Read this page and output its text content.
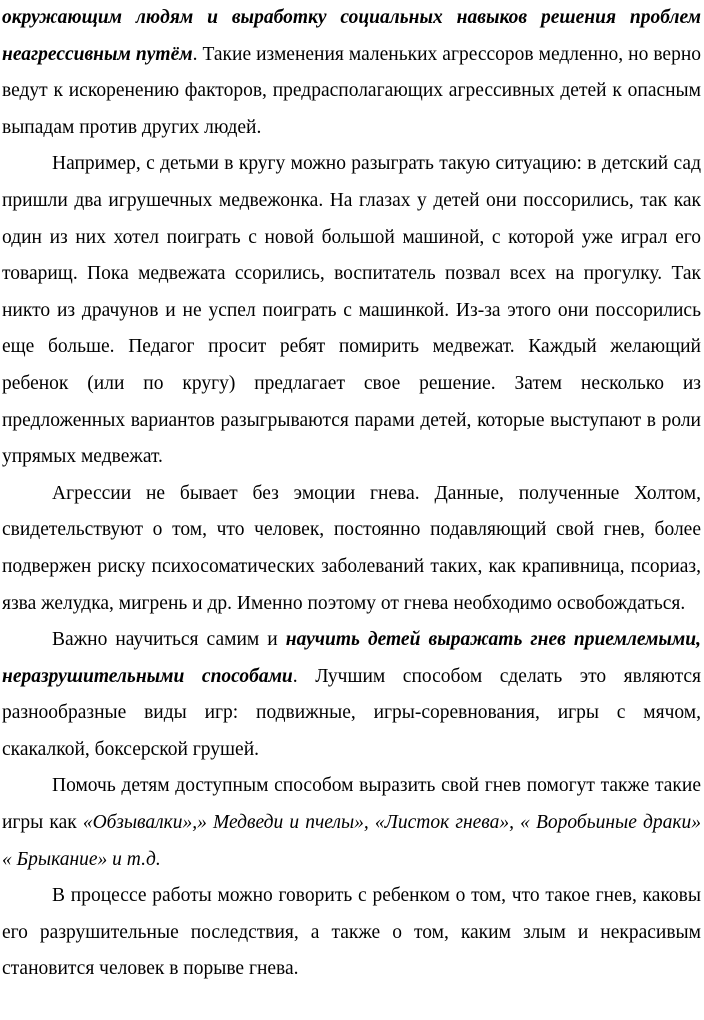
окружающим людям и выработку социальных навыков решения проблем неагрессивным путём. Такие изменения маленьких агрессоров медленно, но верно ведут к искоренению факторов, предрасполагающих агрессивных детей к опасным выпадам против других людей.

Например, с детьми в кругу можно разыграть такую ситуацию: в детский сад пришли два игрушечных медвежонка. На глазах у детей они поссорились, так как один из них хотел поиграть с новой большой машиной, с которой уже играл его товарищ. Пока медвежата ссорились, воспитатель позвал всех на прогулку. Так никто из драчунов и не успел поиграть с машинкой. Из-за этого они поссорились еще больше. Педагог просит ребят помирить медвежат. Каждый желающий ребенок (или по кругу) предлагает свое решение. Затем несколько из предложенных вариантов разыгрываются парами детей, которые выступают в роли упрямых медвежат.

Агрессии не бывает без эмоции гнева. Данные, полученные Холтом, свидетельствуют о том, что человек, постоянно подавляющий свой гнев, более подвержен риску психосоматических заболеваний таких, как крапивница, псориаз, язва желудка, мигрень и др. Именно поэтому от гнева необходимо освобождаться.

Важно научиться самим и научить детей выражать гнев приемлемыми, неразрушительными способами. Лучшим способом сделать это являются разнообразные виды игр: подвижные, игры-соревнования, игры с мячом, скакалкой, боксерской грушей.

Помочь детям доступным способом выразить свой гнев помогут также такие игры как «Обзывалки»,» Медведи и пчелы», «Листок гнева», « Воробьиные драки» « Брыкание» и т.д.

В процессе работы можно говорить с ребенком о том, что такое гнев, каковы его разрушительные последствия, а также о том, каким злым и некрасивым становится человек в порыве гнева.
